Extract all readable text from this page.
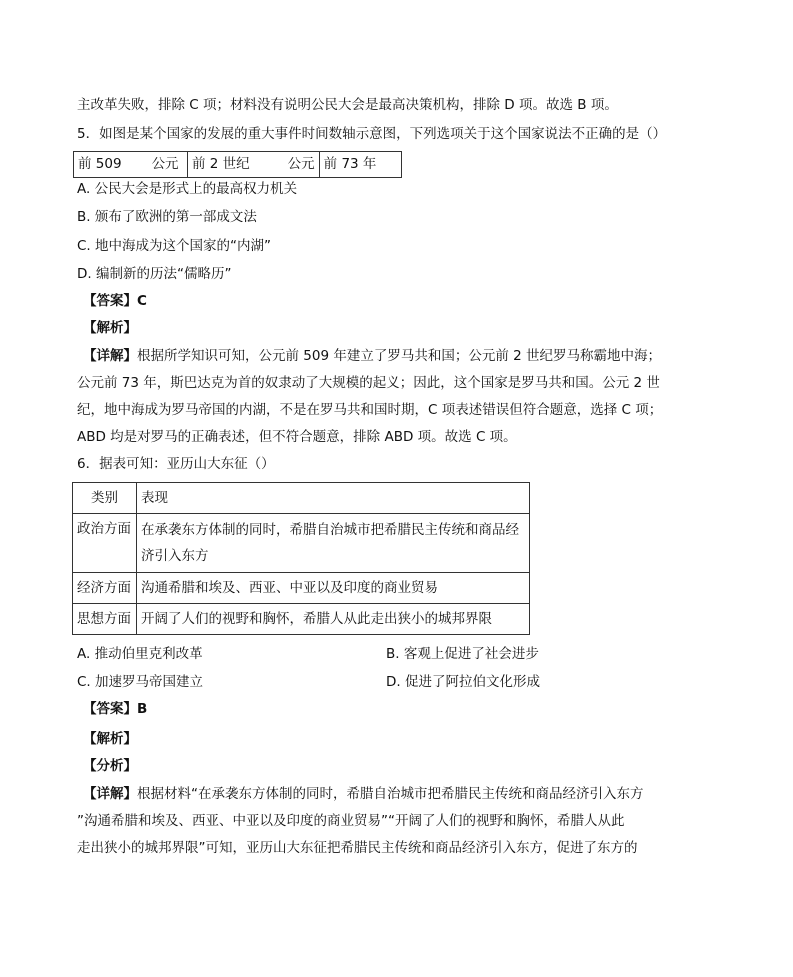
主改革失败，排除 C 项；材料没有说明公民大会是最高决策机构，排除 D 项。故选 B 项。
5．如图是某个国家的发展的重大事件时间数轴示意图，下列选项关于这个国家说法不正确的是（）
前 509 公元	前 2 世纪	公元	前 73 年
A. 公民大会是形式上的最高权力机关
B. 颁布了欧洲的第一部成文法
C. 地中海成为这个国家的“内湖”
D. 编制新的历法“儒略历”
【答案】C
【解析】
【详解】根据所学知识可知，公元前 509 年建立了罗马共和国；公元前 2 世纪罗马称霸地中海；
公元前 73 年，斯巴达克为首的奴隶动了大规模的起义；因此，这个国家是罗马共和国。公元 2 世
纪，地中海成为罗马帝国的内湖，不是在罗马共和国时期，C 项表述错误但符合题意，选择 C 项；
ABD 均是对罗马的正确表述，但不符合题意，排除 ABD 项。故选 C 项。
6．据表可知：亚历山大东征（）
类别	表现
政治方面	在承袭东方体制的同时，希腊自治城市把希腊民主传统和商品经济引入东方
经济方面	沟通希腊和埃及、西亚、中亚以及印度的商业贸易
思想方面	开阔了人们的视野和胸怀，希腊人从此走出狭小的城邦界限
A. 推动伯里克利改革	B. 客观上促进了社会进步
C. 加速罗马帝国建立	D. 促进了阿拉伯文化形成
【答案】B
【解析】
【分析】
【详解】根据材料“在承袭东方体制的同时，希腊自治城市把希腊民主传统和商品经济引入东方
”沟通希腊和埃及、西亚、中亚以及印度的商业贸易”“开阔了人们的视野和胸怀，希腊人从此
走出狭小的城邦界限”可知，亚历山大东征把希腊民主传统和商品经济引入东方，促进了东方的
